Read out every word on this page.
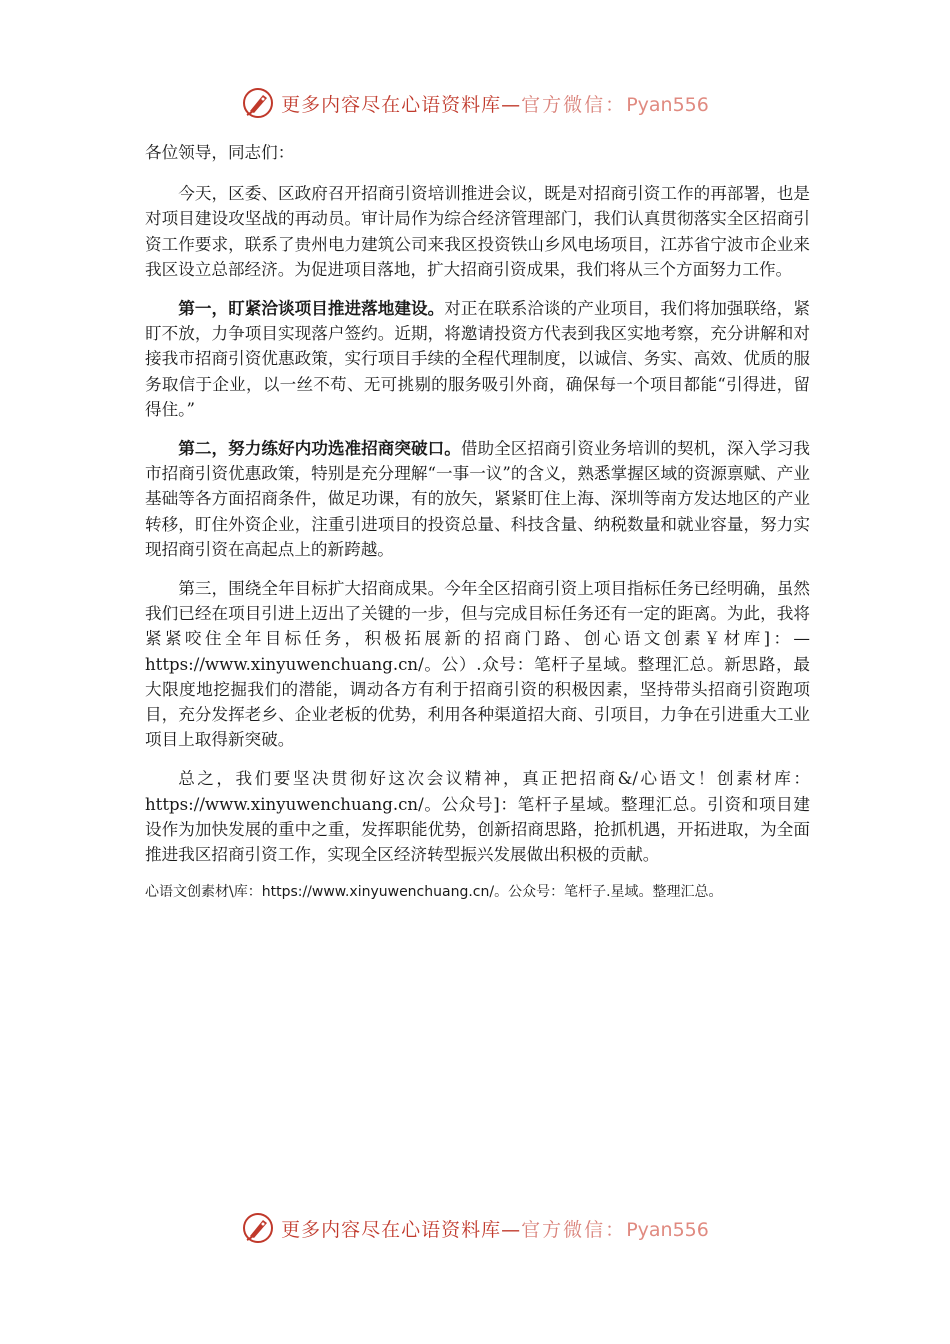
更多内容尽在心语资料库—官方微信：Pyan556

各位领导，同志们：

今天，区委、区政府召开招商引资培训推进会议，既是对招商引资工作的再部署，也是对项目建设攻坚战的再动员。审计局作为综合经济管理部门，我们认真贯彻落实全区招商引资工作要求，联系了贵州电力建筑公司来我区投资铁山乡风电场项目，江苏省宁波市企业来我区设立总部经济。为促进项目落地，扩大招商引资成果，我们将从三个方面努力工作。

第一，盯紧洽谈项目推进落地建设。对正在联系洽谈的产业项目，我们将加强联络，紧盯不放，力争项目实现落户签约。近期，将邀请投资方代表到我区实地考察，充分讲解和对接我市招商引资优惠政策，实行项目手续的全程代理制度，以诚信、务实、高效、优质的服务取信于企业，以一丝不苟、无可挑剔的服务吸引外商，确保每一个项目都能“引得进，留得住。”

第二，努力练好内功选准招商突破口。借助全区招商引资业务培训的契机，深入学习我市招商引资优惠政策，特别是充分理解“一事一议”的含义，熟悉掌握区域的资源禀赋、产业基础等各方面招商条件，做足功课，有的放矢，紧紧盯住上海、深圳等南方发达地区的产业转移，盯住外资企业，注重引进项目的投资总量、科技含量、纳税数量和就业容量，努力实现招商引资在高起点上的新跨越。

第三，围绕全年目标扩大招商成果。今年全区招商引资上项目指标任务已经明确，虽然我们已经在项目引进上迈出了关键的一步，但与完成目标任务还有一定的距离。为此，我将紧紧咬住全年目标任务，积极拓展新的招商门路、创心语文创素￥材库]：—https://www.xinyuwenchuang.cn/。公）.众号：笔杆子星域。整理汇总。新思路，最大限度地挖掘我们的潜能，调动各方有利于招商引资的积极因素，坚持带头招商引资跑项目，充分发挥老乡、企业老板的优势，利用各种渠道招大商、引项目，力争在引进重大工业项目上取得新突破。

总之，我们要坚决贯彻好这次会议精神，真正把招商&/心语文！创素材库：https://www.xinyuwenchuang.cn/。公众号]：笔杆子星域。整理汇总。引资和项目建设作为加快发展的重中之重，发挥职能优势，创新招商思路，抢抓机遇，开拓进取，为全面推进我区招商引资工作，实现全区经济转型振兴发展做出积极的贡献。

心语文创素材\库：https://www.xinyuwenchuang.cn/。公众号：笔杆子.星域。整理汇总。

更多内容尽在心语资料库—官方微信：Pyan556
